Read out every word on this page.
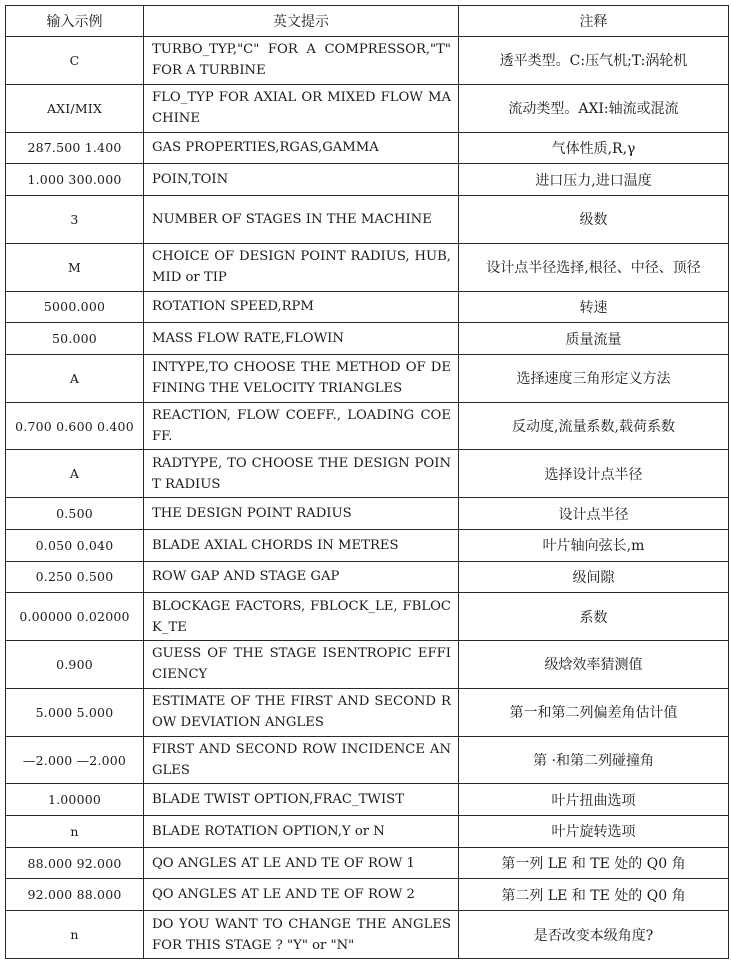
输入示例	英文提示	注释
C	TURBO_TYP,"C" FOR A COMPRESSOR,"T" FOR A TURBINE	透平类型。C:压气机;T:涡轮机
AXI/MIX	FLO_TYP FOR AXIAL OR MIXED FLOW MACHINE	流动类型。AXI:轴流或混流
287.500 1.400	GAS PROPERTIES,RGAS,GAMMA	气体性质,R,γ
1.000 300.000	POIN,TOIN	进口压力,进口温度
3	NUMBER OF STAGES IN THE MACHINE	级数
M	CHOICE OF DESIGN POINT RADIUS, HUB,MID or TIP	设计点半径选择,根径、中径、顶径
5000.000	ROTATION SPEED,RPM	转速
50.000	MASS FLOW RATE,FLOWIN	质量流量
A	INTYPE,TO CHOOSE THE METHOD OF DEFINING THE VELOCITY TRIANGLES	选择速度三角形定义方法
0.700 0.600 0.400	REACTION, FLOW COEFF., LOADING COEFF.	反动度,流量系数,载荷系数
A	RADTYPE, TO CHOOSE THE DESIGN POINT RADIUS	选择设计点半径
0.500	THE DESIGN POINT RADIUS	设计点半径
0.050 0.040	BLADE AXIAL CHORDS IN METRES	叶片轴向弦长,m
0.250 0.500	ROW GAP AND STAGE GAP	级间隙
0.00000 0.02000	BLOCKAGE FACTORS, FBLOCK_LE, FBLOCK_TE	系数
0.900	GUESS OF THE STAGE ISENTROPIC EFFICIENCY	级焓效率猜测值
5.000 5.000	ESTIMATE OF THE FIRST AND SECOND ROW DEVIATION ANGLES	第一和第二列偏差角估计值
—2.000 —2.000	FIRST AND SECOND ROW INCIDENCE ANGLES	第 ·和第二列碰撞角
1.00000	BLADE TWIST OPTION,FRAC_TWIST	叶片扭曲选项
n	BLADE ROTATION OPTION,Y or N	叶片旋转选项
88.000 92.000	QO ANGLES AT LE AND TE OF ROW 1	第一列 LE 和 TE 处的 Q0 角
92.000 88.000	QO ANGLES AT LE AND TE OF ROW 2	第二列 LE 和 TE 处的 Q0 角
n	DO YOU WANT TO CHANGE THE ANGLES FOR THIS STAGE ? "Y" or "N"	是否改变本级角度?
